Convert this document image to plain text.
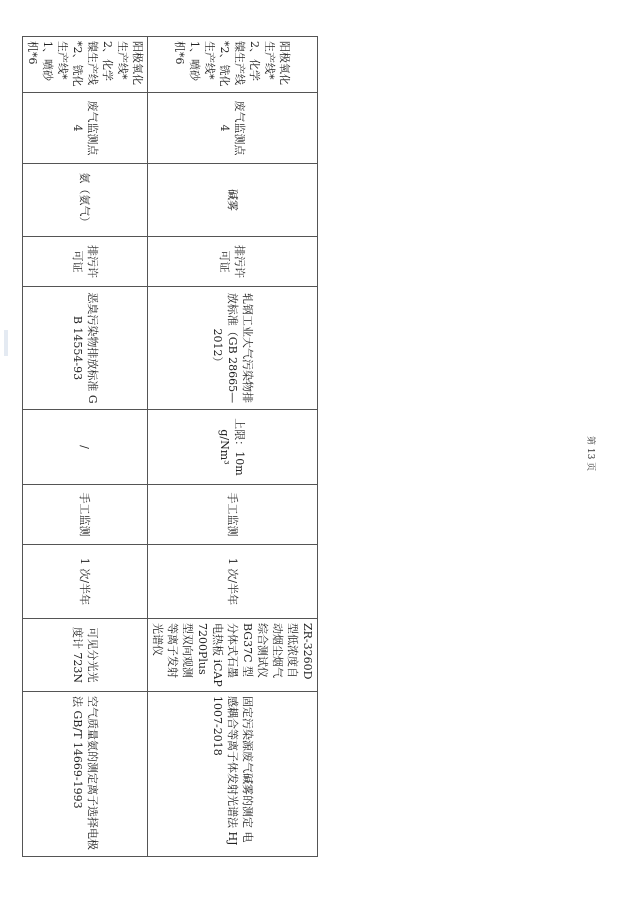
阳极氧化生产线*2、化学镍生产线*2、铣化生产线*1、喷砂机*6	废气监测点 4	碱雾	排污许可证	轧钢工业大气污染物排放标准（GB 28665—2012）	上限：10mg/Nm³	手工监测	1 次/半年	ZR-3260D 型低浓度自动烟尘烟气综合测试仪 BG37C 型分体式石墨电热板 iCAP 7200Plus 型双向观测等离子发射光谱仪	固定污染源废气碱雾的测定 电感耦合等离子体发射光谱法 HJ1007-2018
阳极氧化生产线*2、化学镍生产线*2、铣化生产线*1、喷砂机*6	废气监测点 4	氨（氨气）	排污许可证	恶臭污染物排放标准 GB 14554-93	/	手工监测	1 次/半年	可见分光光度计 723N	空气质量氨的测定离子选择电极法 GB/T 14669-1993
第 13 页
